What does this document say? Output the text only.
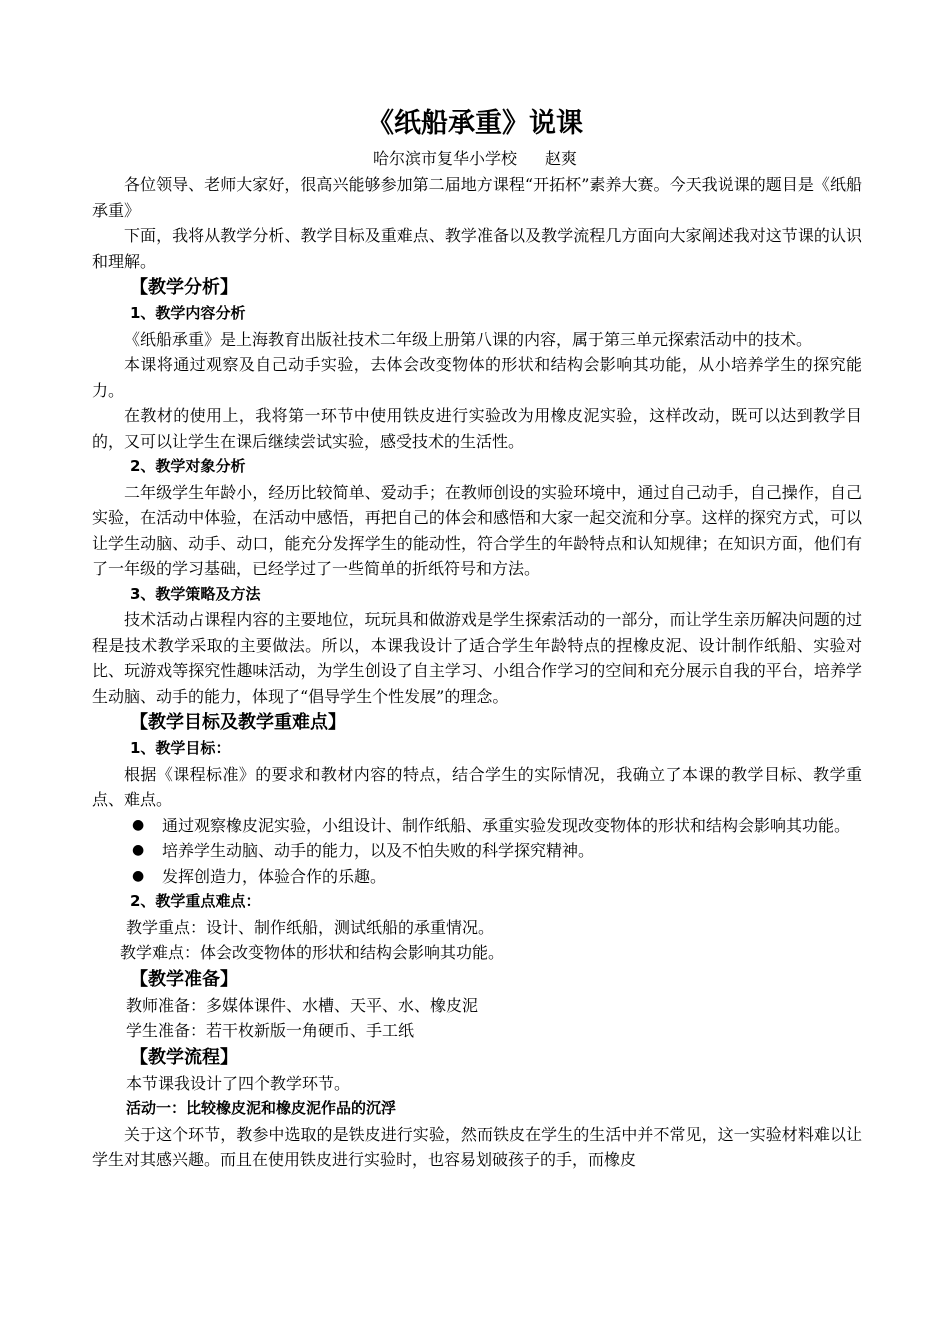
《纸船承重》说课
哈尔滨市复华小学校 赵爽

各位领导、老师大家好，很高兴能够参加第二届地方课程“开拓杯”素养大赛。今天我说课的题目是《纸船承重》

下面，我将从教学分析、教学目标及重难点、教学准备以及教学流程几方面向大家阐述我对这节课的认识和理解。

【教学分析】
1、教学内容分析

《纸船承重》是上海教育出版社技术二年级上册第八课的内容，属于第三单元探索活动中的技术。

本课将通过观察及自己动手实验，去体会改变物体的形状和结构会影响其功能，从小培养学生的探究能力。

在教材的使用上，我将第一环节中使用铁皮进行实验改为用橡皮泥实验，这样改动，既可以达到教学目的，又可以让学生在课后继续尝试实验，感受技术的生活性。

2、教学对象分析

二年级学生年龄小，经历比较简单、爱动手；在教师创设的实验环境中，通过自己动手，自己操作，自己实验，在活动中体验，在活动中感悟，再把自己的体会和感悟和大家一起交流和分享。这样的探究方式，可以让学生动脑、动手、动口，能充分发挥学生的能动性，符合学生的年龄特点和认知规律；在知识方面，他们有了一年级的学习基础，已经学过了一些简单的折纸符号和方法。

3、教学策略及方法

技术活动占课程内容的主要地位，玩玩具和做游戏是学生探索活动的一部分，而让学生亲历解决问题的过程是技术教学采取的主要做法。所以，本课我设计了适合学生年龄特点的捏橡皮泥、设计制作纸船、实验对比、玩游戏等探究性趣味活动，为学生创设了自主学习、小组合作学习的空间和充分展示自我的平台，培养学生动脑、动手的能力，体现了“倡导学生个性发展”的理念。

【教学目标及教学重难点】
1、教学目标：

根据《课程标准》的要求和教材内容的特点，结合学生的实际情况，我确立了本课的教学目标、教学重点、难点。

● 通过观察橡皮泥实验，小组设计、制作纸船、承重实验发现改变物体的形状和结构会影响其功能。
● 培养学生动脑、动手的能力，以及不怕失败的科学探究精神。
● 发挥创造力，体验合作的乐趣。
2、教学重点难点：

教学重点：设计、制作纸船，测试纸船的承重情况。

教学难点：体会改变物体的形状和结构会影响其功能。

【教学准备】

教师准备：多媒体课件、水槽、天平、水、橡皮泥

学生准备：若干枚新版一角硬币、手工纸

【教学流程】

本节课我设计了四个教学环节。

活动一：比较橡皮泥和橡皮泥作品的沉浮

关于这个环节，教参中选取的是铁皮进行实验，然而铁皮在学生的生活中并不常见，这一实验材料难以让学生对其感兴趣。而且在使用铁皮进行实验时，也容易划破孩子的手，而橡皮
